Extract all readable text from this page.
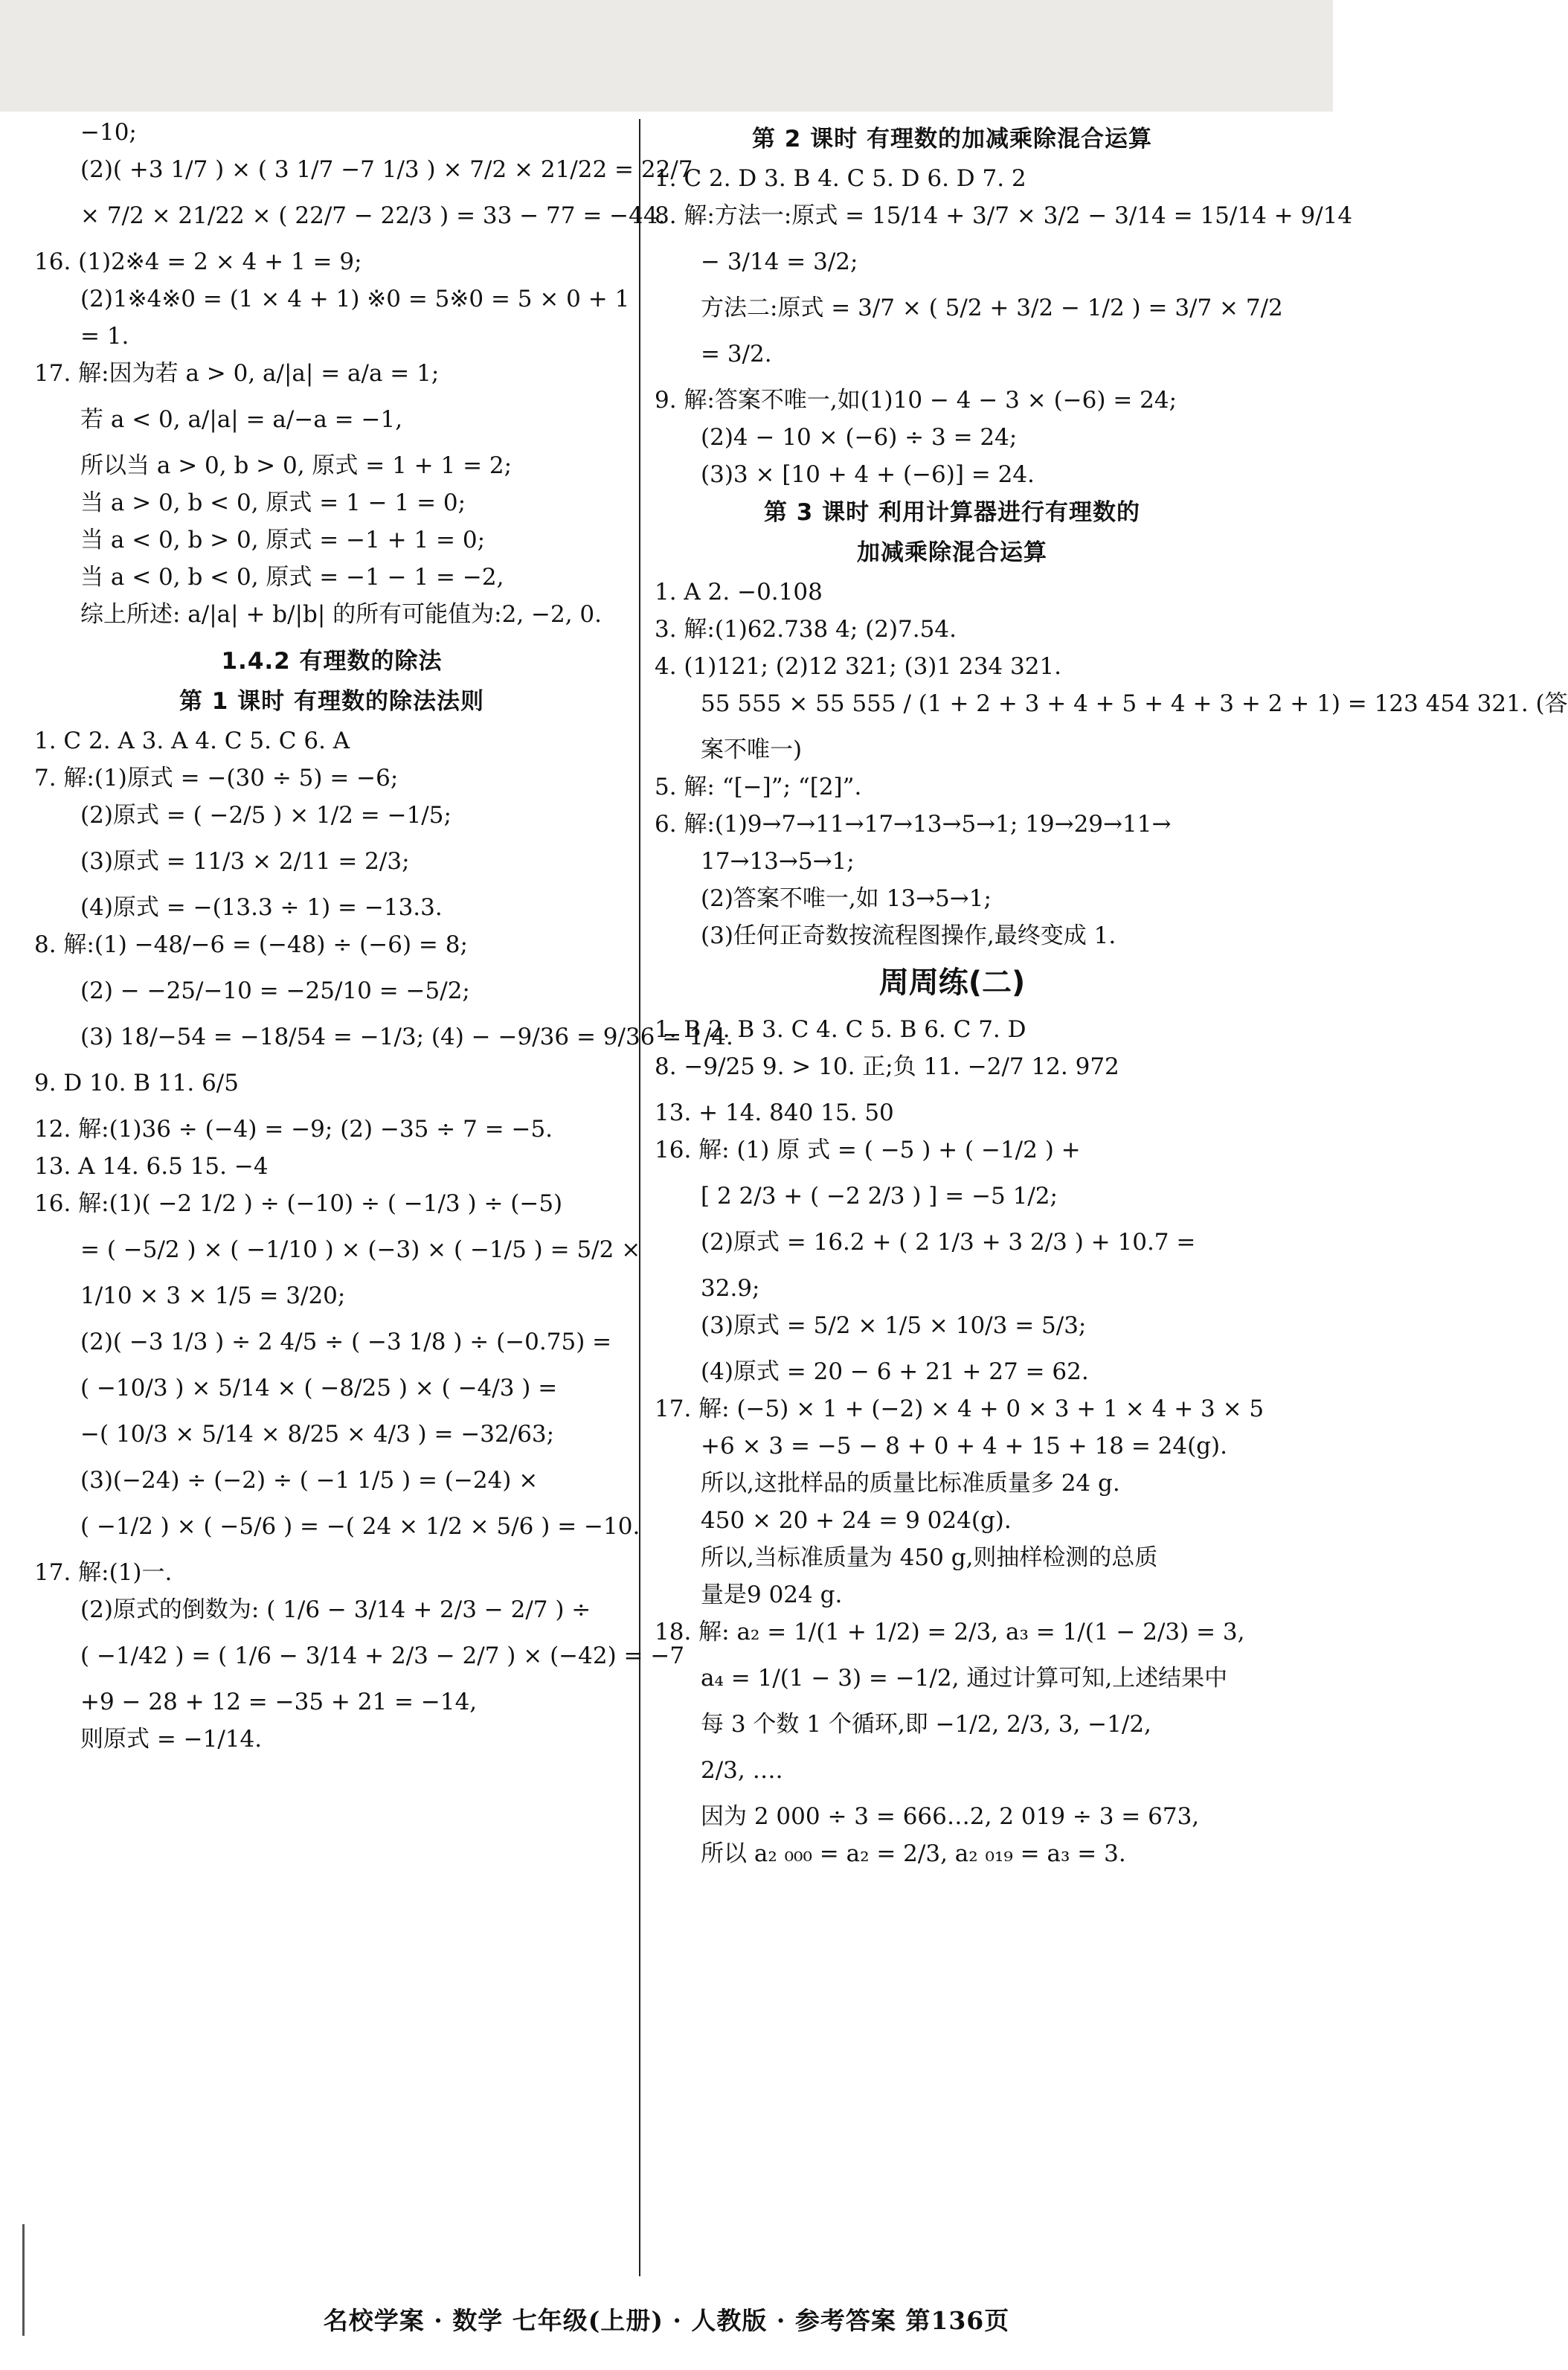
−10;
(2)( +3 1/7 ) × ( 3 1/7 −7 1/3 ) × 7/2 × 21/22 = 22/7
× 7/2 × 21/22 × ( 22/7 − 22/3 ) = 33 − 77 = −44.
16. (1)2※4 = 2 × 4 + 1 = 9;
(2)1※4※0 = (1 × 4 + 1) ※0 = 5※0 = 5 × 0 + 1
= 1.
17. 解:因为若 a > 0, a/|a| = a/a = 1;
若 a < 0, a/|a| = a/−a = −1,
所以当 a > 0, b > 0, 原式 = 1 + 1 = 2;
当 a > 0, b < 0, 原式 = 1 − 1 = 0;
当 a < 0, b > 0, 原式 = −1 + 1 = 0;
当 a < 0, b < 0, 原式 = −1 − 1 = −2,
综上所述: a/|a| + b/|b| 的所有可能值为:2, −2, 0.
1.4.2 有理数的除法
第 1 课时 有理数的除法法则
1. C 2. A 3. A 4. C 5. C 6. A
7. 解:(1)原式 = −(30 ÷ 5) = −6;
(2)原式 = ( −2/5 ) × 1/2 = −1/5;
(3)原式 = 11/3 × 2/11 = 2/3;
(4)原式 = −(13.3 ÷ 1) = −13.3.
8. 解:(1) −48/−6 = (−48) ÷ (−6) = 8;
(2) − −25/−10 = −25/10 = −5/2;
(3) 18/−54 = −18/54 = −1/3; (4) − −9/36 = 9/36 = 1/4.
9. D 10. B 11. 6/5
12. 解:(1)36 ÷ (−4) = −9; (2) −35 ÷ 7 = −5.
13. A 14. 6.5 15. −4
16. 解:(1)( −2 1/2 ) ÷ (−10) ÷ ( −1/3 ) ÷ (−5)
= ( −5/2 ) × ( −1/10 ) × (−3) × ( −1/5 ) = 5/2 ×
1/10 × 3 × 1/5 = 3/20;
(2)( −3 1/3 ) ÷ 2 4/5 ÷ ( −3 1/8 ) ÷ (−0.75) =
( −10/3 ) × 5/14 × ( −8/25 ) × ( −4/3 ) =
−( 10/3 × 5/14 × 8/25 × 4/3 ) = −32/63;
(3)(−24) ÷ (−2) ÷ ( −1 1/5 ) = (−24) ×
( −1/2 ) × ( −5/6 ) = −( 24 × 1/2 × 5/6 ) = −10.
17. 解:(1)一.
(2)原式的倒数为: ( 1/6 − 3/14 + 2/3 − 2/7 ) ÷
( −1/42 ) = ( 1/6 − 3/14 + 2/3 − 2/7 ) × (−42) = −7
+9 − 28 + 12 = −35 + 21 = −14,
则原式 = −1/14.
第 2 课时 有理数的加减乘除混合运算
1. C 2. D 3. B 4. C 5. D 6. D 7. 2
8. 解:方法一:原式 = 15/14 + 3/7 × 3/2 − 3/14 = 15/14 + 9/14
− 3/14 = 3/2;
方法二:原式 = 3/7 × ( 5/2 + 3/2 − 1/2 ) = 3/7 × 7/2
= 3/2.
9. 解:答案不唯一,如(1)10 − 4 − 3 × (−6) = 24;
(2)4 − 10 × (−6) ÷ 3 = 24;
(3)3 × [10 + 4 + (−6)] = 24.
第 3 课时 利用计算器进行有理数的
加减乘除混合运算
1. A 2. −0.108
3. 解:(1)62.738 4; (2)7.54.
4. (1)121; (2)12 321; (3)1 234 321.
55 555 × 55 555 / (1 + 2 + 3 + 4 + 5 + 4 + 3 + 2 + 1) = 123 454 321. (答
案不唯一)
5. 解: “[−]”; “[2]”.
6. 解:(1)9→7→11→17→13→5→1; 19→29→11→
17→13→5→1;
(2)答案不唯一,如 13→5→1;
(3)任何正奇数按流程图操作,最终变成 1.
周周练(二)
1. B 2. B 3. C 4. C 5. B 6. C 7. D
8. −9/25 9. > 10. 正;负 11. −2/7 12. 972
13. + 14. 840 15. 50
16. 解: (1) 原 式 = ( −5 ) + ( −1/2 ) +
[ 2 2/3 + ( −2 2/3 ) ] = −5 1/2;
(2)原式 = 16.2 + ( 2 1/3 + 3 2/3 ) + 10.7 =
32.9;
(3)原式 = 5/2 × 1/5 × 10/3 = 5/3;
(4)原式 = 20 − 6 + 21 + 27 = 62.
17. 解: (−5) × 1 + (−2) × 4 + 0 × 3 + 1 × 4 + 3 × 5
+6 × 3 = −5 − 8 + 0 + 4 + 15 + 18 = 24(g).
所以,这批样品的质量比标准质量多 24 g.
450 × 20 + 24 = 9 024(g).
所以,当标准质量为 450 g,则抽样检测的总质
量是9 024 g.
18. 解: a₂ = 1/(1 + 1/2) = 2/3, a₃ = 1/(1 − 2/3) = 3,
a₄ = 1/(1 − 3) = −1/2, 通过计算可知,上述结果中
每 3 个数 1 个循环,即 −1/2, 2/3, 3, −1/2,
2/3, ….
因为 2 000 ÷ 3 = 666…2, 2 019 ÷ 3 = 673,
所以 a₂ ₀₀₀ = a₂ = 2/3, a₂ ₀₁₉ = a₃ = 3.
名校学案 · 数学 七年级(上册) · 人教版 · 参考答案 第136页
